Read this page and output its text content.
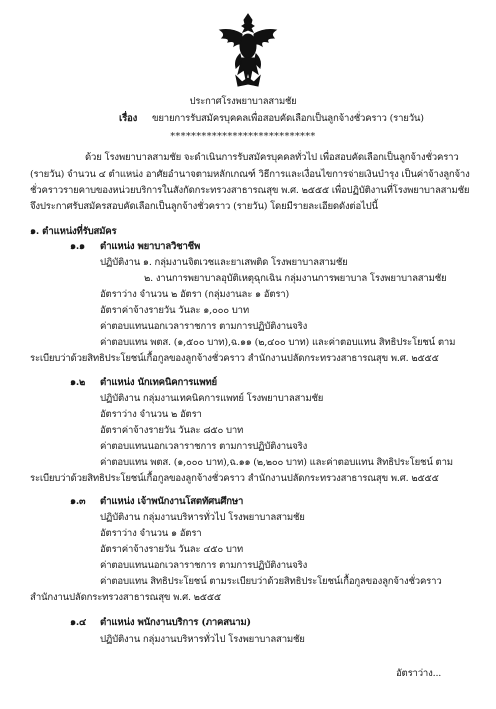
ประกาศโรงพยาบาลสามชัย
เรื่อง ขยายการรับสมัครบุคคลเพื่อสอบคัดเลือกเป็นลูกจ้างชั่วคราว (รายวัน)
****************************
ด้วย โรงพยาบาลสามชัย จะดำเนินการรับสมัครบุคคลทั่วไป เพื่อสอบคัดเลือกเป็นลูกจ้างชั่วคราว
(รายวัน) จำนวน ๔ ตำแหน่ง อาศัยอำนาจตามหลักเกณฑ์ วิธีการและเงื่อนไขการจ่ายเงินบำรุง เป็นค่าจ้างลูกจ้าง
ชั่วคราวรายคาบของหน่วยบริการในสังกัดกระทรวงสาธารณสุข พ.ศ. ๒๕๕๕ เพื่อปฏิบัติงานที่โรงพยาบาลสามชัย
จึงประกาศรับสมัครสอบคัดเลือกเป็นลูกจ้างชั่วคราว (รายวัน) โดยมีรายละเอียดดังต่อไปนี้
๑. ตำแหน่งที่รับสมัคร
๑.๑ ตำแหน่ง พยาบาลวิชาชีพ
ปฏิบัติงาน ๑. กลุ่มงานจิตเวชและยาเสพติด โรงพยาบาลสามชัย
๒. งานการพยาบาลอุบัติเหตุฉุกเฉิน กลุ่มงานการพยาบาล โรงพยาบาลสามชัย
อัตราว่าง จำนวน ๒ อัตรา (กลุ่มงานละ ๑ อัตรา)
อัตราค่าจ้างรายวัน วันละ ๑,๐๐๐ บาท
ค่าตอบแทนนอกเวลาราชการ ตามการปฏิบัติงานจริง
ค่าตอบแทน พตส. (๑,๕๐๐ บาท),ฉ.๑๑ (๒,๔๐๐ บาท) และค่าตอบแทน สิทธิประโยชน์ ตาม
ระเบียบว่าด้วยสิทธิประโยชน์เกื้อกูลของลูกจ้างชั่วคราว สำนักงานปลัดกระทรวงสาธารณสุข พ.ศ. ๒๕๕๕
๑.๒ ตำแหน่ง นักเทคนิคการแพทย์
ปฏิบัติงาน กลุ่มงานเทคนิคการแพทย์ โรงพยาบาลสามชัย
อัตราว่าง จำนวน ๒ อัตรา
อัตราค่าจ้างรายวัน วันละ ๘๕๐ บาท
ค่าตอบแทนนอกเวลาราชการ ตามการปฏิบัติงานจริง
ค่าตอบแทน พตส. (๑,๐๐๐ บาท),ฉ.๑๑ (๒,๒๐๐ บาท) และค่าตอบแทน สิทธิประโยชน์ ตาม
ระเบียบว่าด้วยสิทธิประโยชน์เกื้อกูลของลูกจ้างชั่วคราว สำนักงานปลัดกระทรวงสาธารณสุข พ.ศ. ๒๕๕๕
๑.๓ ตำแหน่ง เจ้าพนักงานโสตทัศนศึกษา
ปฏิบัติงาน กลุ่มงานบริหารทั่วไป โรงพยาบาลสามชัย
อัตราว่าง จำนวน ๑ อัตรา
อัตราค่าจ้างรายวัน วันละ ๔๕๐ บาท
ค่าตอบแทนนอกเวลาราชการ ตามการปฏิบัติงานจริง
ค่าตอบแทน สิทธิประโยชน์ ตามระเบียบว่าด้วยสิทธิประโยชน์เกื้อกูลของลูกจ้างชั่วคราว
สำนักงานปลัดกระทรวงสาธารณสุข พ.ศ. ๒๕๕๕
๑.๔ ตำแหน่ง พนักงานบริการ (ภาคสนาม)
ปฏิบัติงาน กลุ่มงานบริหารทั่วไป โรงพยาบาลสามชัย
อัตราว่าง...
